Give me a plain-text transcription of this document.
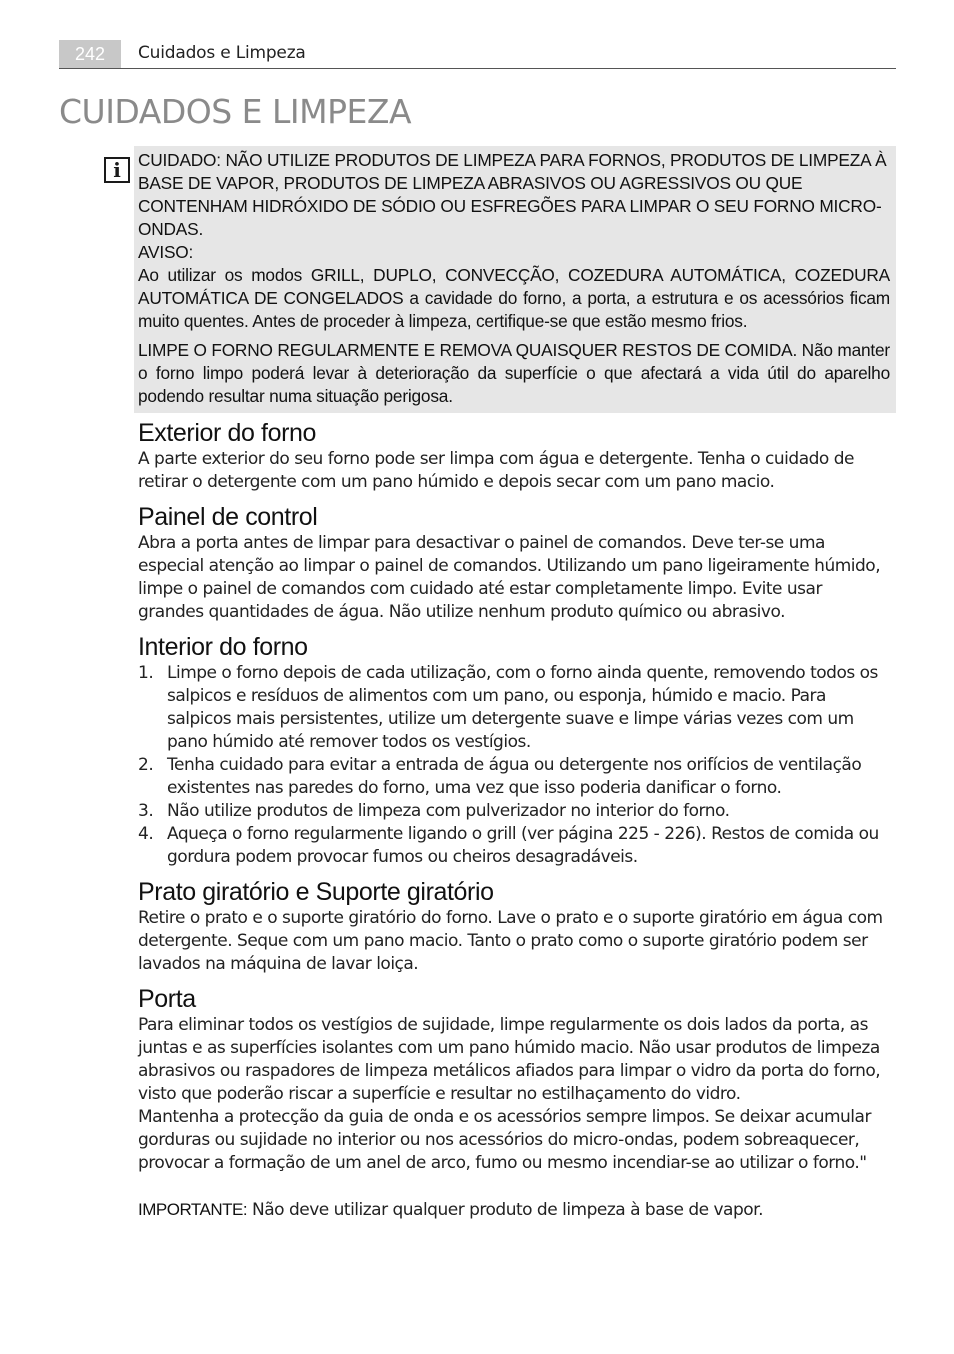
242	Cuidados e Limpeza
CUIDADOS E LIMPEZA
i CUIDADO: NÃO UTILIZE PRODUTOS DE LIMPEZA PARA FORNOS, PRODUTOS DE LIMPEZA À BASE DE VAPOR, PRODUTOS DE LIMPEZA ABRASIVOS OU AGRESSIVOS OU QUE CONTENHAM HIDRÓXIDO DE SÓDIO OU ESFREGÕES PARA LIMPAR O SEU FORNO MICRO-ONDAS.

AVISO:

Ao utilizar os modos GRILL, DUPLO, CONVECÇÃO, COZEDURA AUTOMÁTICA, COZEDURA AUTOMÁTICA DE CONGELADOS a cavidade do forno, a porta, a estrutura e os acessórios ficam muito quentes. Antes de proceder à limpeza, certifique-se que estão mesmo frios.

LIMPE O FORNO REGULARMENTE E REMOVA QUAISQUER RESTOS DE COMIDA. Não manter o forno limpo poderá levar à deterioração da superfície o que afectará a vida útil do aparelho podendo resultar numa situação perigosa.

Exterior do forno

A parte exterior do seu forno pode ser limpa com água e detergente. Tenha o cuidado de retirar o detergente com um pano húmido e depois secar com um pano macio.

Painel de control

Abra a porta antes de limpar para desactivar o painel de comandos. Deve ter-se uma especial atenção ao limpar o painel de comandos. Utilizando um pano ligeiramente húmido, limpe o painel de comandos com cuidado até estar completamente limpo. Evite usar grandes quantidades de água. Não utilize nenhum produto químico ou abrasivo.

Interior do forno
1. Limpe o forno depois de cada utilização, com o forno ainda quente, removendo todos os salpicos e resíduos de alimentos com um pano, ou esponja, húmido e macio. Para salpicos mais persistentes, utilize um detergente suave e limpe várias vezes com um pano húmido até remover todos os vestígios.
2. Tenha cuidado para evitar a entrada de água ou detergente nos orifícios de ventilação existentes nas paredes do forno, uma vez que isso poderia danificar o forno.
3. Não utilize produtos de limpeza com pulverizador no interior do forno.
4. Aqueça o forno regularmente ligando o grill (ver página 225 - 226). Restos de comida ou gordura podem provocar fumos ou cheiros desagradáveis.
Prato giratório e Suporte giratório

Retire o prato e o suporte giratório do forno. Lave o prato e o suporte giratório em água com detergente. Seque com um pano macio. Tanto o prato como o suporte giratório podem ser lavados na máquina de lavar loiça.

Porta

Para eliminar todos os vestígios de sujidade, limpe regularmente os dois lados da porta, as juntas e as superfícies isolantes com um pano húmido macio. Não usar produtos de limpeza abrasivos ou raspadores de limpeza metálicos afiados para limpar o vidro da porta do forno, visto que poderão riscar a superfície e resultar no estilhaçamento do vidro.

Mantenha a protecção da guia de onda e os acessórios sempre limpos. Se deixar acumular gorduras ou sujidade no interior ou nos acessórios do micro-ondas, podem sobreaquecer, provocar a formação de um anel de arco, fumo ou mesmo incendiar-se ao utilizar o forno."

IMPORTANTE: Não deve utilizar qualquer produto de limpeza à base de vapor.
